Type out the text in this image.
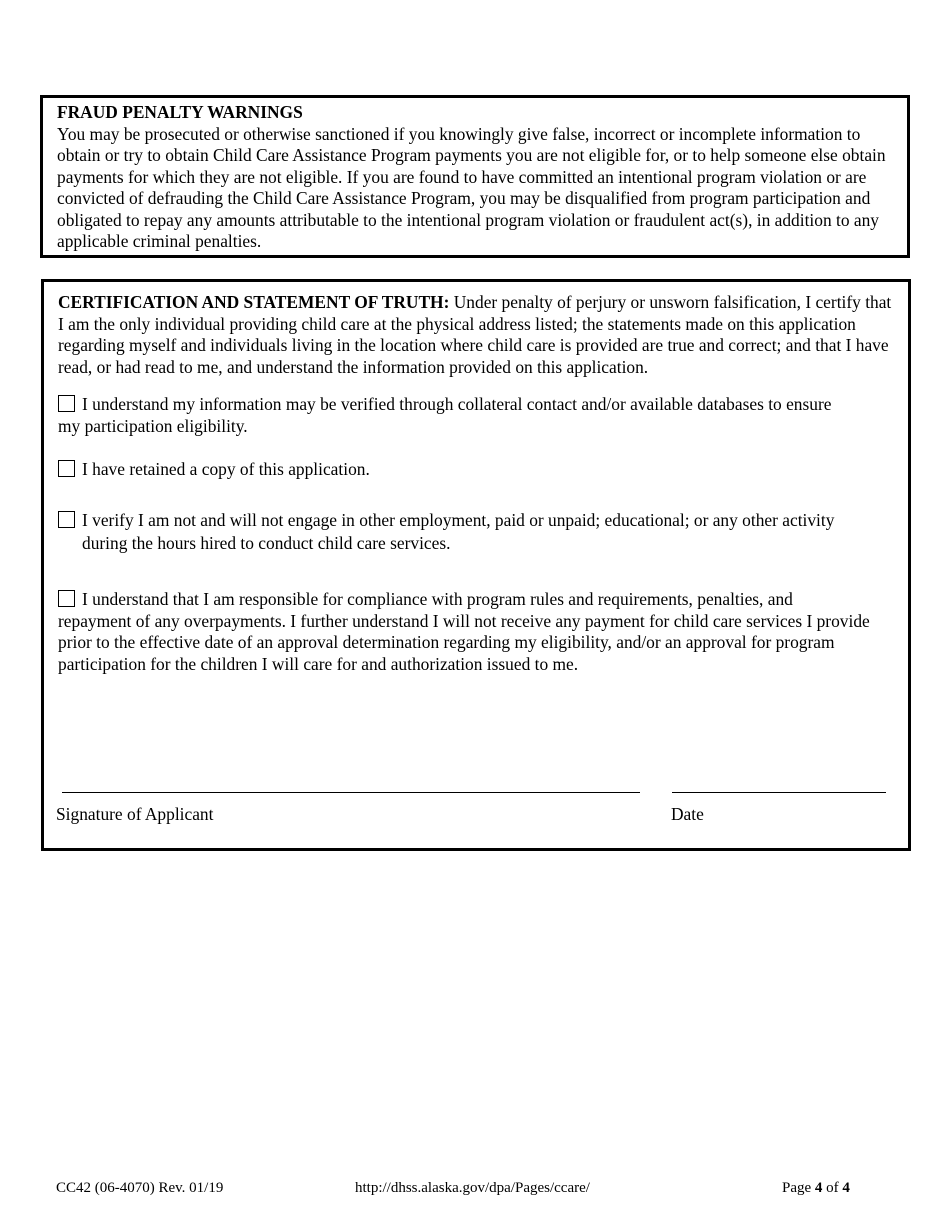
FRAUD PENALTY WARNINGS

You may be prosecuted or otherwise sanctioned if you knowingly give false, incorrect or incomplete information to obtain or try to obtain Child Care Assistance Program payments you are not eligible for, or to help someone else obtain payments for which they are not eligible. If you are found to have committed an intentional program violation or are convicted of defrauding the Child Care Assistance Program, you may be disqualified from program participation and obligated to repay any amounts attributable to the intentional program violation or fraudulent act(s), in addition to any applicable criminal penalties.

CERTIFICATION AND STATEMENT OF TRUTH: Under penalty of perjury or unsworn falsification, I certify that I am the only individual providing child care at the physical address listed; the statements made on this application regarding myself and individuals living in the location where child care is provided are true and correct; and that I have read, or had read to me, and understand the information provided on this application.

I understand my information may be verified through collateral contact and/or available databases to ensure
my participation eligibility.
I have retained a copy of this application.
I verify I am not and will not engage in other employment, paid or unpaid; educational; or any other activity
during the hours hired to conduct child care services.
I understand that I am responsible for compliance with program rules and requirements, penalties, and
repayment of any overpayments. I further understand I will not receive any payment for child care services I provide prior to the effective date of an approval determination regarding my eligibility, and/or an approval for program participation for the children I will care for and authorization issued to me.
Signature of Applicant	Date
CC42 (06-4070) Rev. 01/19	http://dhss.alaska.gov/dpa/Pages/ccare/	Page 4 of 4
